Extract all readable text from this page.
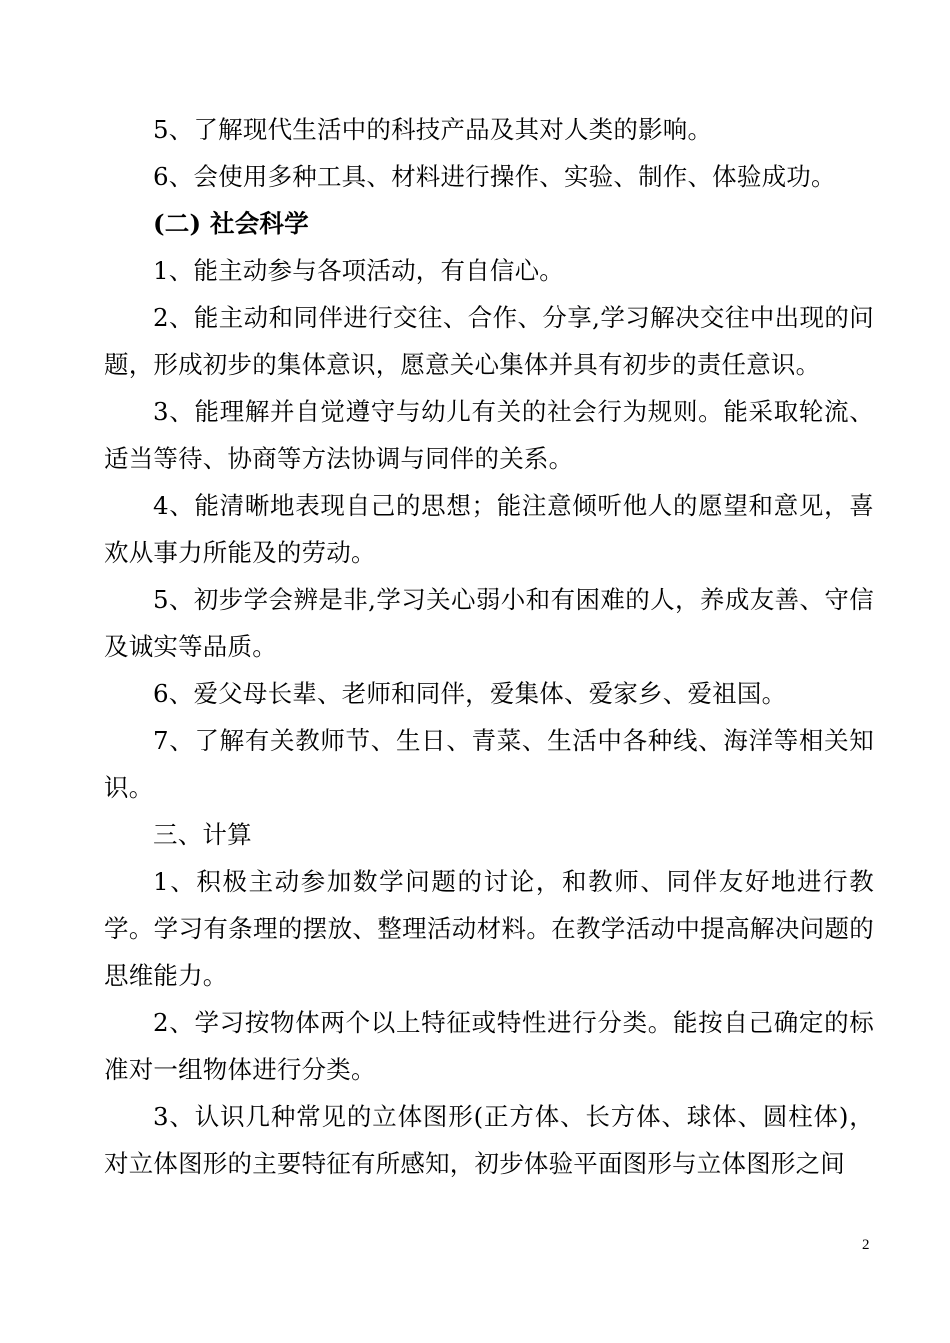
5、了解现代生活中的科技产品及其对人类的影响。

6、会使用多种工具、材料进行操作、实验、制作、体验成功。

(二) 社会科学

1、能主动参与各项活动，有自信心。

2、能主动和同伴进行交往、合作、分享,学习解决交往中出现的问题，形成初步的集体意识，愿意关心集体并具有初步的责任意识。

3、能理解并自觉遵守与幼儿有关的社会行为规则。能采取轮流、适当等待、协商等方法协调与同伴的关系。

4、能清晰地表现自己的思想；能注意倾听他人的愿望和意见，喜欢从事力所能及的劳动。

5、初步学会辨是非,学习关心弱小和有困难的人，养成友善、守信及诚实等品质。

6、爱父母长辈、老师和同伴，爱集体、爱家乡、爱祖国。

7、了解有关教师节、生日、青菜、生活中各种线、海洋等相关知识。

三、计算

1、积极主动参加数学问题的讨论，和教师、同伴友好地进行教学。学习有条理的摆放、整理活动材料。在教学活动中提高解决问题的思维能力。

2、学习按物体两个以上特征或特性进行分类。能按自己确定的标准对一组物体进行分类。

3、认识几种常见的立体图形(正方体、长方体、球体、圆柱体)，对立体图形的主要特征有所感知，初步体验平面图形与立体图形之间

2
